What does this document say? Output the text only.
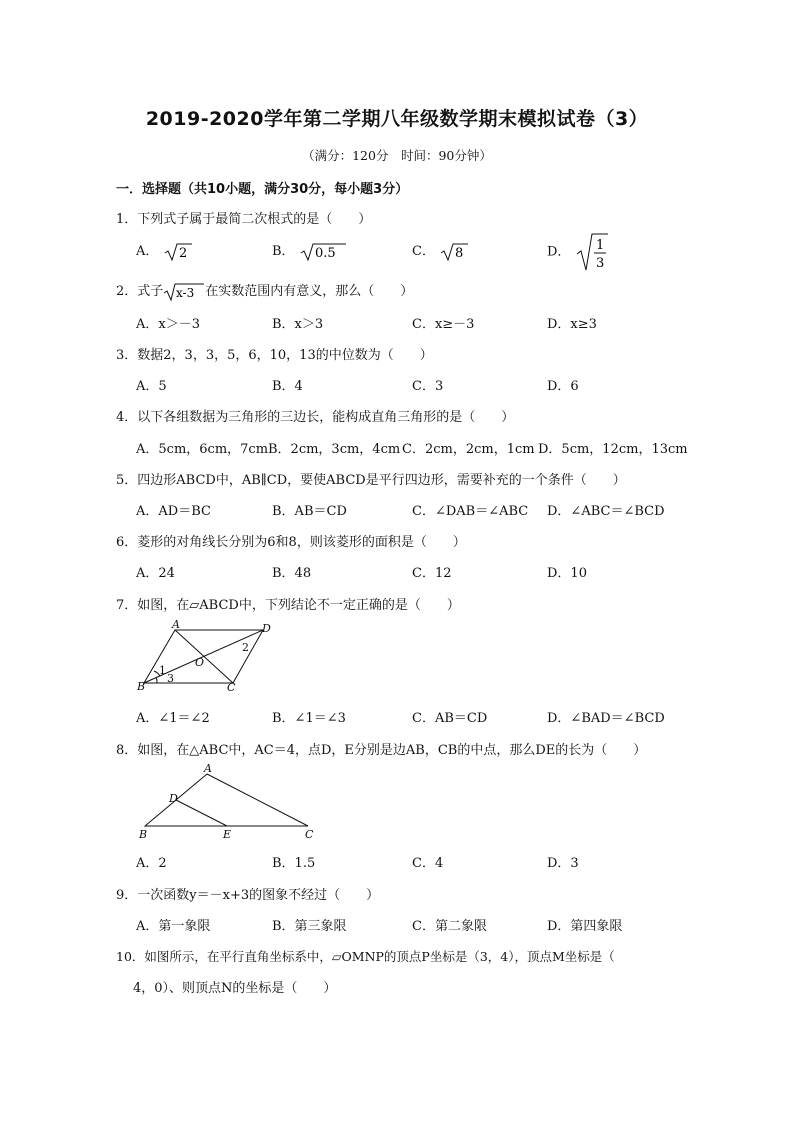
2019-2020学年第二学期八年级数学期末模拟试卷（3）
（满分：120分　时间：90分钟）
一．选择题（共10小题，满分30分，每小题3分）
1．下列式子属于最简二次根式的是（　　）
A． 2	B． 0.5	C． 8	D． 1
3
2．式子 x-3 在实数范围内有意义，那么（　　）
A．x＞－3	B．x＞3	C．x≥－3	D．x≥3
3．数据2，3，3，5，6，10，13的中位数为（　　）
A．5	B．4	C．3	D．6
4．以下各组数据为三角形的三边长，能构成直角三角形的是（　　）
A．5cm，6cm，7cm B．2cm，3cm，4cm C．2cm，2cm，1cm D．5cm，12cm，13cm
5．四边形ABCD中，AB∥CD，要使ABCD是平行四边形，需要补充的一个条件（　　）
A．AD＝BC	B．AB＝CD	C．∠DAB＝∠ABC D．∠ABC＝∠BCD
6．菱形的对角线长分别为6和8，则该菱形的面积是（　　）
A．24	B．48	C．12	D．10
7．如图，在▱ABCD中，下列结论不一定正确的是（　　）
A	D
B	C
O
1
2
3
A．∠1＝∠2	B．∠1＝∠3	C．AB＝CD	D．∠BAD＝∠BCD
8．如图，在△ABC中，AC＝4，点D，E分别是边AB，CB的中点，那么DE的长为（　　）
A
D
B	E	C
A．2	B．1.5	C．4	D．3
9．一次函数y＝－x+3的图象不经过（　　）
A．第一象限	B．第三象限	C．第二象限	D．第四象限
10．如图所示，在平行直角坐标系中，▱OMNP的顶点P坐标是（3，4），顶点M坐标是（
4，0）、则顶点N的坐标是（　　）
